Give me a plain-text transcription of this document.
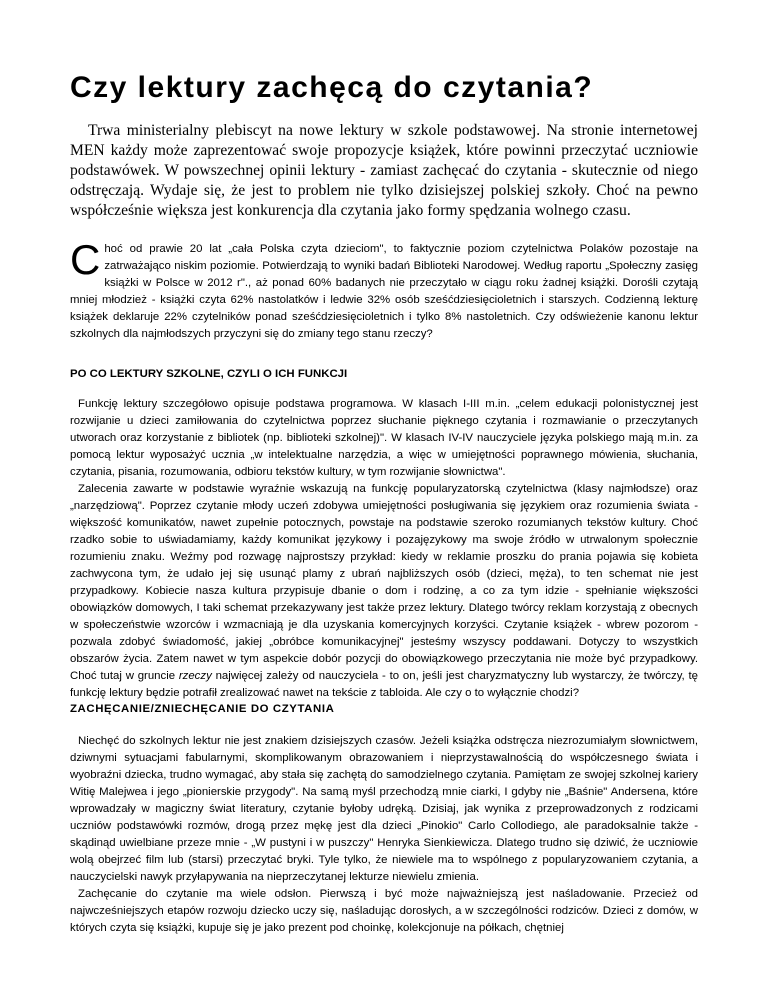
Czy lektury zachęcą do czytania?

Trwa ministerialny plebiscyt na nowe lektury w szkole podstawowej. Na stronie internetowej MEN każdy może zaprezentować swoje propozycje książek, które powinni przeczytać uczniowie podstawówek. W powszechnej opinii lektury - zamiast zachęcać do czytania - skutecznie od niego odstręczają. Wydaje się, że jest to problem nie tylko dzisiejszej polskiej szkoły. Choć na pewno współcześnie większa jest konkurencja dla czytania jako formy spędzania wolnego czasu.

Choć od prawie 20 lat „cała Polska czyta dzieciom", to faktycznie poziom czytelnictwa Polaków pozostaje na zatrważająco niskim poziomie. Potwierdzają to wyniki badań Biblioteki Narodowej. Według raportu „Społeczny zasięg książki w Polsce w 2012 r"., aż ponad 60% badanych nie przeczytało w ciągu roku żadnej książki. Dorośli czytają mniej młodzież - książki czyta 62% nastolatków i ledwie 32% osób sześćdziesięcioletnich i starszych. Codzienną lekturę książek deklaruje 22% czytelników ponad sześćdziesięcioletnich i tylko 8% nastoletnich. Czy odświeżenie kanonu lektur szkolnych dla najmłodszych przyczyni się do zmiany tego stanu rzeczy?

PO CO LEKTURY SZKOLNE, CZYLI O ICH FUNKCJI

Funkcję lektury szczegółowo opisuje podstawa programowa. W klasach I-III m.in. „celem edukacji polonistycznej jest rozwijanie u dzieci zamiłowania do czytelnictwa poprzez słuchanie pięknego czytania i rozmawianie o przeczytanych utworach oraz korzystanie z bibliotek (np. biblioteki szkolnej)". W klasach IV-IV nauczyciele języka polskiego mają m.in. za pomocą lektur wyposażyć ucznia „w intelektualne narzędzia, a więc w umiejętności poprawnego mówienia, słuchania, czytania, pisania, rozumowania, odbioru tekstów kultury, w tym rozwijanie słownictwa".

Zalecenia zawarte w podstawie wyraźnie wskazują na funkcję popularyzatorską czytelnictwa (klasy najmłodsze) oraz „narzędziową". Poprzez czytanie młody uczeń zdobywa umiejętności posługiwania się językiem oraz rozumienia świata - większość komunikatów, nawet zupełnie potocznych, powstaje na podstawie szeroko rozumianych tekstów kultury. Choć rzadko sobie to uświadamiamy, każdy komunikat językowy i pozajęzykowy ma swoje źródło w utrwalonym społecznie rozumieniu znaku. Weźmy pod rozwagę najprostszy przykład: kiedy w reklamie proszku do prania pojawia się kobieta zachwycona tym, że udało jej się usunąć plamy z ubrań najbliższych osób (dzieci, męża), to ten schemat nie jest przypadkowy. Kobiecie nasza kultura przypisuje dbanie o dom i rodzinę, a co za tym idzie - spełnianie większości obowiązków domowych, I taki schemat przekazywany jest także przez lektury. Dlatego twórcy reklam korzystają z obecnych w społeczeństwie wzorców i wzmacniają je dla uzyskania komercyjnych korzyści. Czytanie książek - wbrew pozorom - pozwala zdobyć świadomość, jakiej „obróbce komunikacyjnej" jesteśmy wszyscy poddawani. Dotyczy to wszystkich obszarów życia. Zatem nawet w tym aspekcie dobór pozycji do obowiązkowego przeczytania nie może być przypadkowy. Choć tutaj w gruncie rzeczy najwięcej zależy od nauczyciela - to on, jeśli jest charyzmatyczny lub wystarczy, że twórczy, tę funkcję lektury będzie potrafił zrealizować nawet na tekście z tabloida. Ale czy o to wyłącznie chodzi?

ZACHĘCANIE/ZNIECHĘCANIE DO CZYTANIA

Niechęć do szkolnych lektur nie jest znakiem dzisiejszych czasów. Jeżeli książka odstręcza niezrozumiałym słownictwem, dziwnymi sytuacjami fabularnymi, skomplikowanym obrazowaniem i nieprzystawalnością do współczesnego świata i wyobraźni dziecka, trudno wymagać, aby stała się zachętą do samodzielnego czytania. Pamiętam ze swojej szkolnej kariery Witię Malejwea i jego „pionierskie przygody". Na samą myśl przechodzą mnie ciarki, I gdyby nie „Baśnie" Andersena, które wprowadzały w magiczny świat literatury, czytanie byłoby udręką. Dzisiaj, jak wynika z przeprowadzonych z rodzicami uczniów podstawówki rozmów, drogą przez mękę jest dla dzieci „Pinokio" Carlo Collodiego, ale paradoksalnie także - skądinąd uwielbiane przeze mnie - „W pustyni i w puszczy" Henryka Sienkiewicza. Dlatego trudno się dziwić, że uczniowie wolą obejrzeć film lub (starsi) przeczytać bryki. Tyle tylko, że niewiele ma to wspólnego z popularyzowaniem czytania, a nauczycielski nawyk przyłapywania na nieprzeczytanej lekturze niewielu zmienia.

Zachęcanie do czytanie ma wiele odsłon. Pierwszą i być może najważniejszą jest naśladowanie. Przecież od najwcześniejszych etapów rozwoju dziecko uczy się, naśladując dorosłych, a w szczególności rodziców. Dzieci z domów, w których czyta się książki, kupuje się je jako prezent pod choinkę, kolekcjonuje na półkach, chętniej
